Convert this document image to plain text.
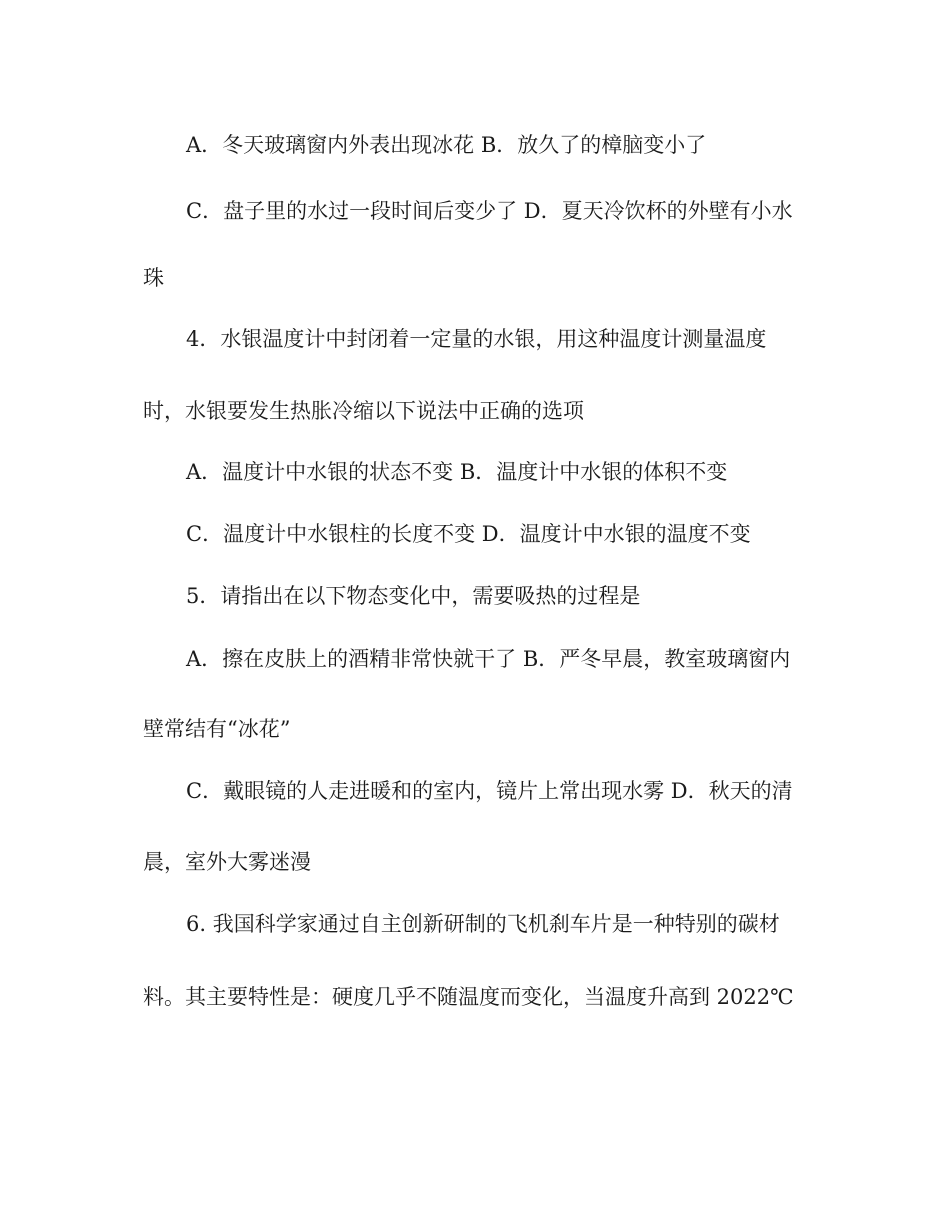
A．冬天玻璃窗内外表出现冰花 B．放久了的樟脑变小了
C．盘子里的水过一段时间后变少了 D．夏天冷饮杯的外壁有小水
珠
4．水银温度计中封闭着一定量的水银，用这种温度计测量温度
时，水银要发生热胀冷缩以下说法中正确的选项
A．温度计中水银的状态不变 B．温度计中水银的体积不变
C．温度计中水银柱的长度不变 D．温度计中水银的温度不变
5．请指出在以下物态变化中，需要吸热的过程是
A．擦在皮肤上的酒精非常快就干了 B．严冬早晨，教室玻璃窗内
壁常结有“冰花”
C．戴眼镜的人走进暖和的室内，镜片上常出现水雾 D．秋天的清
晨，室外大雾迷漫
6. 我国科学家通过自主创新研制的飞机刹车片是一种特别的碳材
料。其主要特性是：硬度几乎不随温度而变化，当温度升高到 2022℃
